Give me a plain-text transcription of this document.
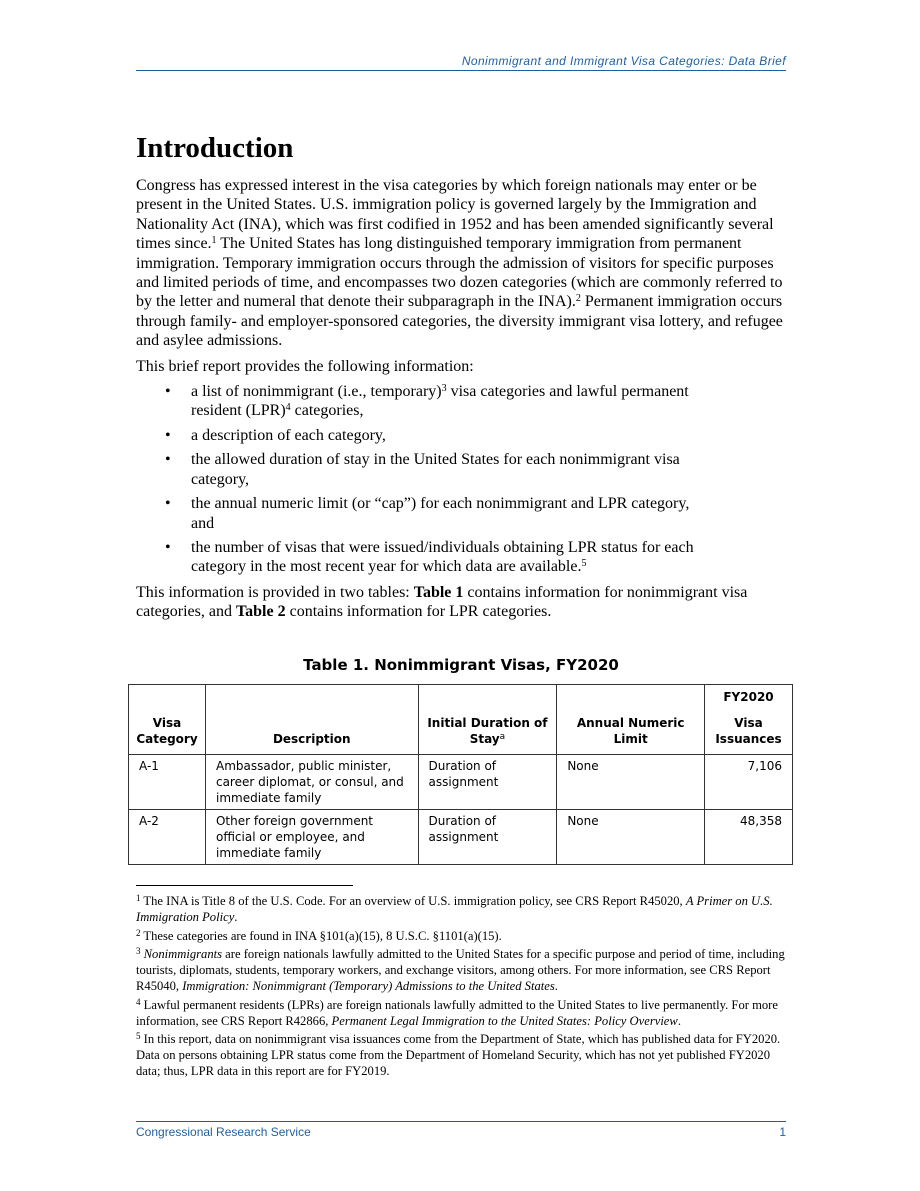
Nonimmigrant and Immigrant Visa Categories: Data Brief
Introduction

Congress has expressed interest in the visa categories by which foreign nationals may enter or be present in the United States. U.S. immigration policy is governed largely by the Immigration and Nationality Act (INA), which was first codified in 1952 and has been amended significantly several times since.$^1$ The United States has long distinguished temporary immigration from permanent immigration. Temporary immigration occurs through the admission of visitors for specific purposes and limited periods of time, and encompasses two dozen categories (which are commonly referred to by the letter and numeral that denote their subparagraph in the INA).$^2$ Permanent immigration occurs through family- and employer-sponsored categories, the diversity immigrant visa lottery, and refugee and asylee admissions.

This brief report provides the following information:

• a list of nonimmigrant (i.e., temporary)$^3$ visa categories and lawful permanent resident (LPR)$^4$ categories,
• a description of each category,
• the allowed duration of stay in the United States for each nonimmigrant visa category,
• the annual numeric limit (or “cap”) for each nonimmigrant and LPR category, and
• the number of visas that were issued/individuals obtaining LPR status for each category in the most recent year for which data are available.$^5$

This information is provided in two tables: Table 1 contains information for nonimmigrant visa categories, and Table 2 contains information for LPR categories.

Table 1. Nonimmigrant Visas, FY2020
Visa Category	Description	Initial Duration of Stay$^a$	Annual Numeric Limit	FY2020
Visa Issuances

A-1	Ambassador, public minister, career diplomat, or consul, and immediate family	Duration of assignment	None	7,106
A-2	Other foreign government official or employee, and immediate family	Duration of assignment	None	48,358
$^1$ The INA is Title 8 of the U.S. Code. For an overview of U.S. immigration policy, see CRS Report R45020, A Primer on U.S. Immigration Policy.
$^2$ These categories are found in INA §101(a)(15), 8 U.S.C. §1101(a)(15).
$^3$ Nonimmigrants are foreign nationals lawfully admitted to the United States for a specific purpose and period of time, including tourists, diplomats, students, temporary workers, and exchange visitors, among others. For more information, see CRS Report R45040, Immigration: Nonimmigrant (Temporary) Admissions to the United States.
$^4$ Lawful permanent residents (LPRs) are foreign nationals lawfully admitted to the United States to live permanently. For more information, see CRS Report R42866, Permanent Legal Immigration to the United States: Policy Overview.
$^5$ In this report, data on nonimmigrant visa issuances come from the Department of State, which has published data for FY2020. Data on persons obtaining LPR status come from the Department of Homeland Security, which has not yet published FY2020 data; thus, LPR data in this report are for FY2019.
Congressional Research Service	1
